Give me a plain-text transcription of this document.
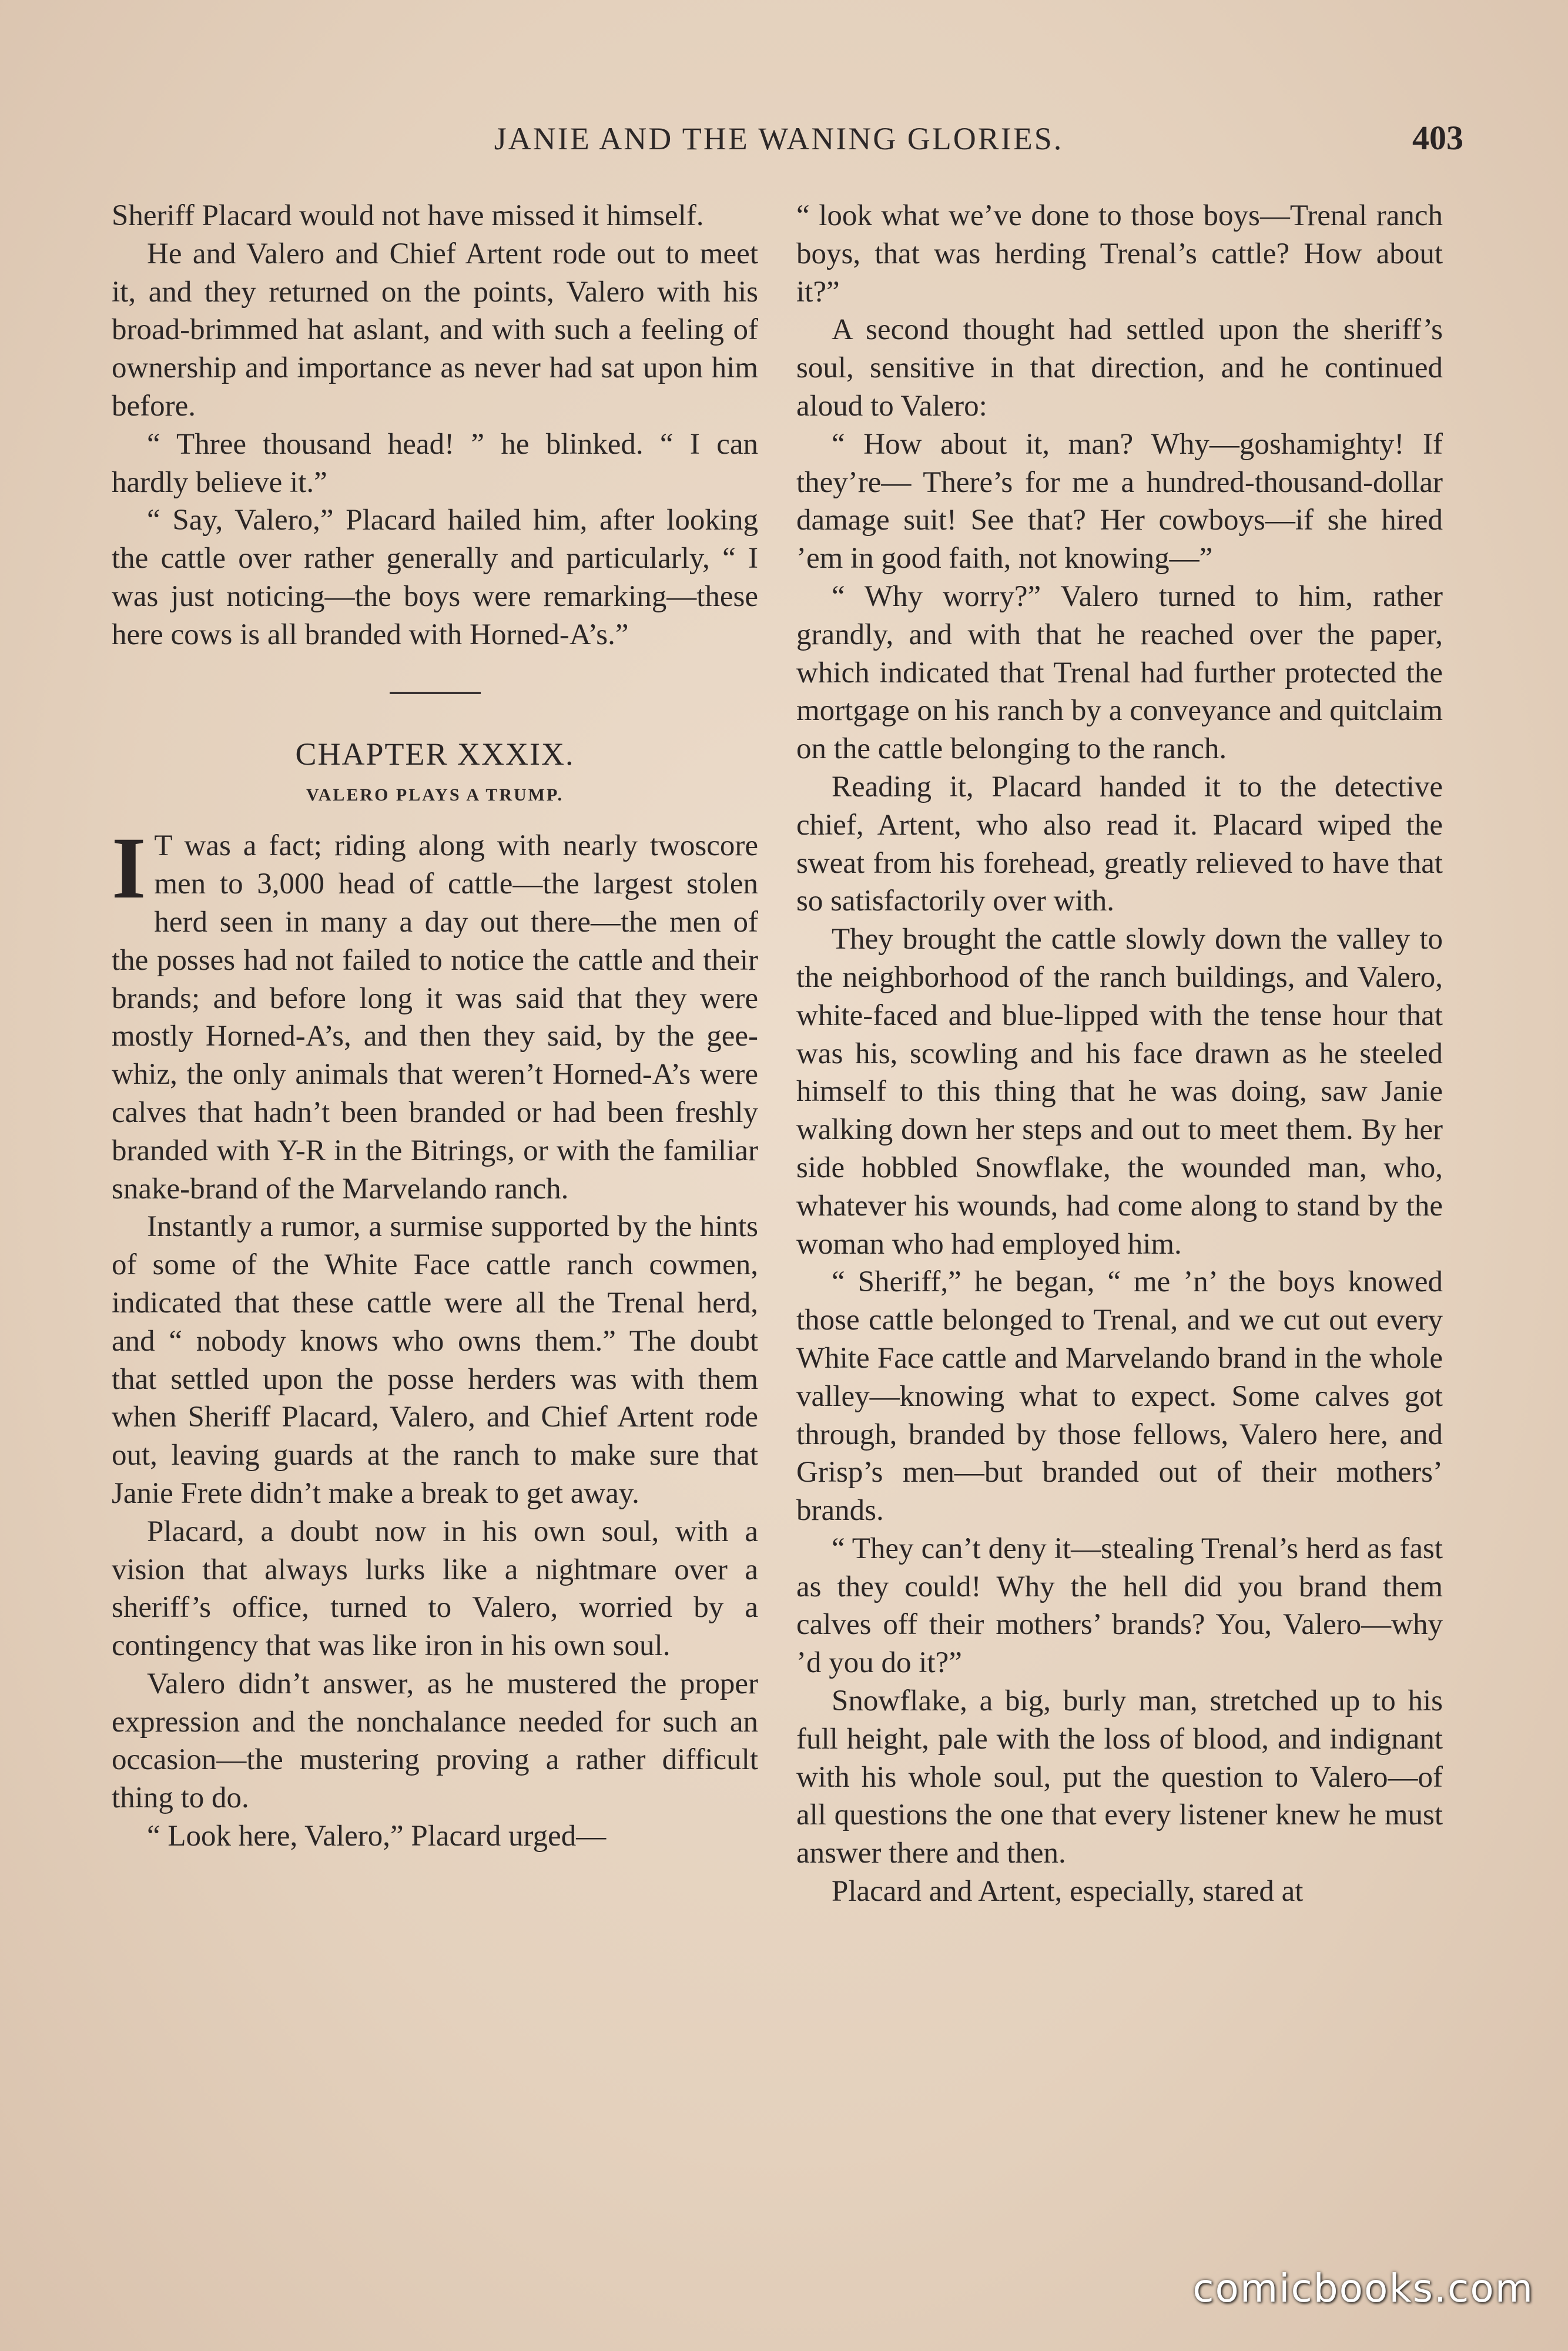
JANIE AND THE WANING GLORIES.	403

Sheriff Placard would not have missed it himself.

He and Valero and Chief Artent rode out to meet it, and they returned on the points, Valero with his broad-brimmed hat aslant, and with such a feeling of ownership and importance as never had sat upon him before.

“ Three thousand head! ” he blinked. “ I can hardly believe it.”

“ Say, Valero,” Placard hailed him, after looking the cattle over rather generally and particularly, “ I was just noticing—the boys were remarking—these here cows is all branded with Horned-A’s.”

CHAPTER XXXIX.
VALERO PLAYS A TRUMP.

I T was a fact; riding along with nearly twoscore men to 3,000 head of cattle—the largest stolen herd seen in many a day out there—the men of the posses had not failed to notice the cattle and their brands; and before long it was said that they were mostly Horned-A’s, and then they said, by the gee-whiz, the only animals that weren’t Horned-A’s were calves that hadn’t been branded or had been freshly branded with Y-R in the Bitrings, or with the familiar snake-brand of the Marvelando ranch.

Instantly a rumor, a surmise supported by the hints of some of the White Face cattle ranch cowmen, indicated that these cattle were all the Trenal herd, and “ nobody knows who owns them.” The doubt that settled upon the posse herders was with them when Sheriff Placard, Valero, and Chief Artent rode out, leaving guards at the ranch to make sure that Janie Frete didn’t make a break to get away.

Placard, a doubt now in his own soul, with a vision that always lurks like a nightmare over a sheriff’s office, turned to Valero, worried by a contingency that was like iron in his own soul.

Valero didn’t answer, as he mustered the proper expression and the nonchalance needed for such an occasion—the mustering proving a rather difficult thing to do.

“ Look here, Valero,” Placard urged—

“ look what we’ve done to those boys—Trenal ranch boys, that was herding Trenal’s cattle? How about it?”

A second thought had settled upon the sheriff’s soul, sensitive in that direction, and he continued aloud to Valero:

“ How about it, man? Why—goshamighty! If they’re— There’s for me a hundred-thousand-dollar damage suit! See that? Her cowboys—if she hired ’em in good faith, not knowing—”

“ Why worry?” Valero turned to him, rather grandly, and with that he reached over the paper, which indicated that Trenal had further protected the mortgage on his ranch by a conveyance and quitclaim on the cattle belonging to the ranch.

Reading it, Placard handed it to the detective chief, Artent, who also read it. Placard wiped the sweat from his forehead, greatly relieved to have that so satisfactorily over with.

They brought the cattle slowly down the valley to the neighborhood of the ranch buildings, and Valero, white-faced and blue-lipped with the tense hour that was his, scowling and his face drawn as he steeled himself to this thing that he was doing, saw Janie walking down her steps and out to meet them. By her side hobbled Snowflake, the wounded man, who, whatever his wounds, had come along to stand by the woman who had employed him.

“ Sheriff,” he began, “ me ’n’ the boys knowed those cattle belonged to Trenal, and we cut out every White Face cattle and Marvelando brand in the whole valley—knowing what to expect. Some calves got through, branded by those fellows, Valero here, and Grisp’s men—but branded out of their mothers’ brands.

“ They can’t deny it—stealing Trenal’s herd as fast as they could! Why the hell did you brand them calves off their mothers’ brands? You, Valero—why ’d you do it?”

Snowflake, a big, burly man, stretched up to his full height, pale with the loss of blood, and indignant with his whole soul, put the question to Valero—of all questions the one that every listener knew he must answer there and then.

Placard and Artent, especially, stared at

comicbooks.com
